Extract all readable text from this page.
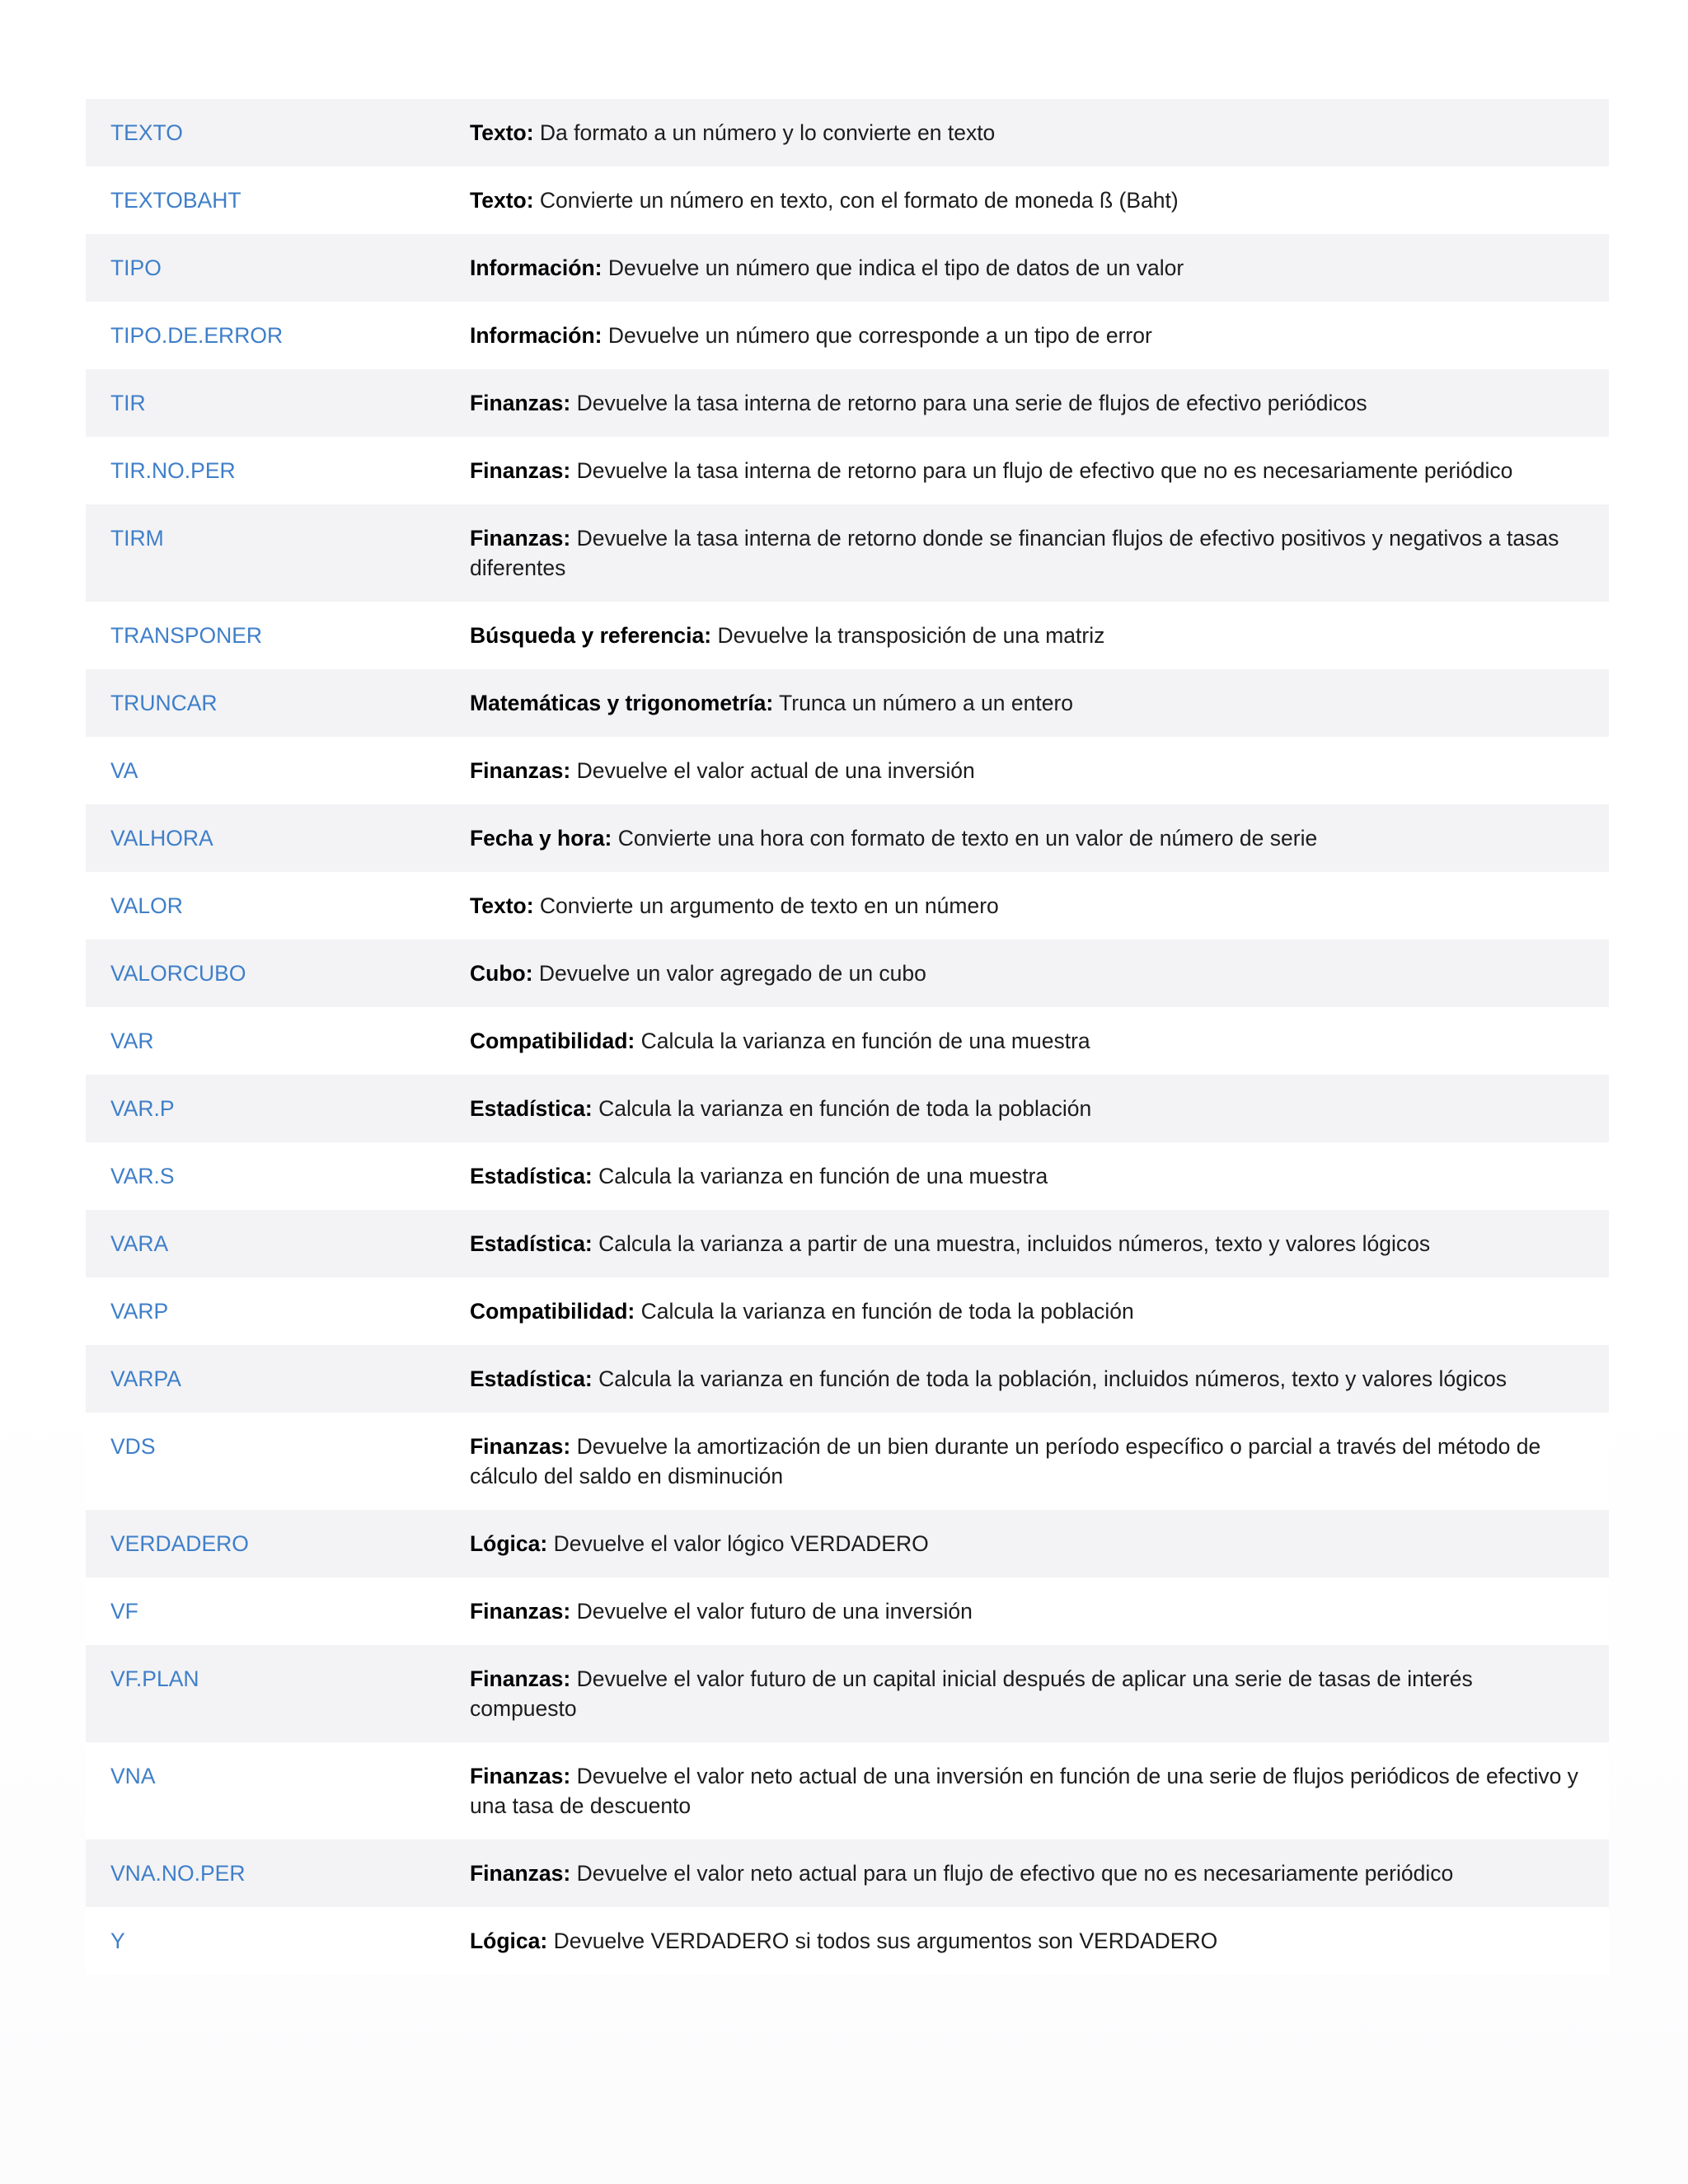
TEXTO	Texto: Da formato a un número y lo convierte en texto
TEXTOBAHT	Texto: Convierte un número en texto, con el formato de moneda ß (Baht)
TIPO	Información: Devuelve un número que indica el tipo de datos de un valor
TIPO.DE.ERROR	Información: Devuelve un número que corresponde a un tipo de error
TIR	Finanzas: Devuelve la tasa interna de retorno para una serie de flujos de efectivo periódicos
TIR.NO.PER	Finanzas: Devuelve la tasa interna de retorno para un flujo de efectivo que no es necesariamente periódico
TIRM	Finanzas: Devuelve la tasa interna de retorno donde se financian flujos de efectivo positivos y negativos a tasas diferentes
TRANSPONER	Búsqueda y referencia: Devuelve la transposición de una matriz
TRUNCAR	Matemáticas y trigonometría: Trunca un número a un entero
VA	Finanzas: Devuelve el valor actual de una inversión
VALHORA	Fecha y hora: Convierte una hora con formato de texto en un valor de número de serie
VALOR	Texto: Convierte un argumento de texto en un número
VALORCUBO	Cubo: Devuelve un valor agregado de un cubo
VAR	Compatibilidad: Calcula la varianza en función de una muestra
VAR.P	Estadística: Calcula la varianza en función de toda la población
VAR.S	Estadística: Calcula la varianza en función de una muestra
VARA	Estadística: Calcula la varianza a partir de una muestra, incluidos números, texto y valores lógicos
VARP	Compatibilidad: Calcula la varianza en función de toda la población
VARPA	Estadística: Calcula la varianza en función de toda la población, incluidos números, texto y valores lógicos
VDS	Finanzas: Devuelve la amortización de un bien durante un período específico o parcial a través del método de cálculo del saldo en disminución
VERDADERO	Lógica: Devuelve el valor lógico VERDADERO
VF	Finanzas: Devuelve el valor futuro de una inversión
VF.PLAN	Finanzas: Devuelve el valor futuro de un capital inicial después de aplicar una serie de tasas de interés compuesto
VNA	Finanzas: Devuelve el valor neto actual de una inversión en función de una serie de flujos periódicos de efectivo y una tasa de descuento
VNA.NO.PER	Finanzas: Devuelve el valor neto actual para un flujo de efectivo que no es necesariamente periódico
Y	Lógica: Devuelve VERDADERO si todos sus argumentos son VERDADERO
